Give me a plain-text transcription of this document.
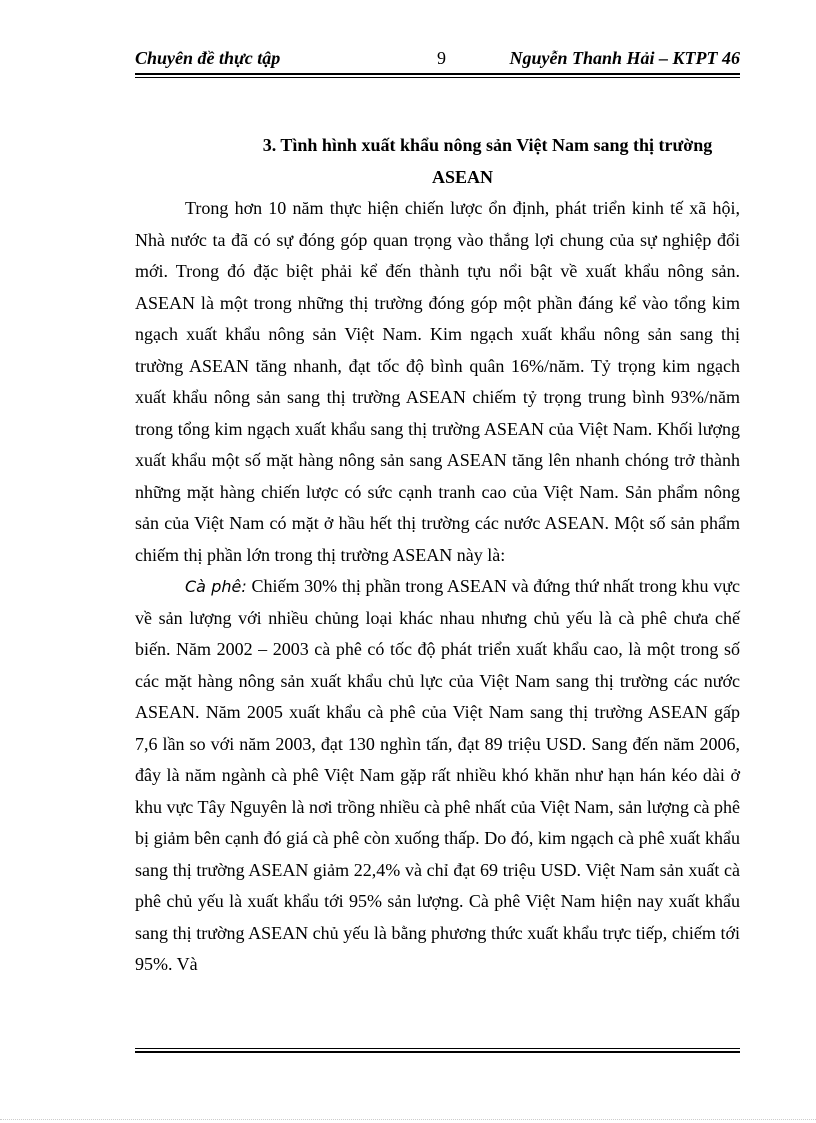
Chuyên đề thực tập	9	Nguyễn Thanh Hải – KTPT 46

3. Tình hình xuất khẩu nông sản Việt Nam sang thị trường ASEAN

Trong hơn 10 năm thực hiện chiến lược ổn định, phát triển kinh tế xã hội, Nhà nước ta đã có sự đóng góp quan trọng vào thắng lợi chung của sự nghiệp đổi mới. Trong đó đặc biệt phải kể đến thành tựu nổi bật về xuất khẩu nông sản. ASEAN là một trong những thị trường đóng góp một phần đáng kể vào tổng kim ngạch xuất khẩu nông sản Việt Nam. Kim ngạch xuất khẩu nông sản sang thị trường ASEAN tăng nhanh, đạt tốc độ bình quân 16%/năm. Tỷ trọng kim ngạch xuất khẩu nông sản sang thị trường ASEAN chiếm tỷ trọng trung bình 93%/năm trong tổng kim ngạch xuất khẩu sang thị trường ASEAN của Việt Nam. Khối lượng xuất khẩu một số mặt hàng nông sản sang ASEAN tăng lên nhanh chóng trở thành những mặt hàng chiến lược có sức cạnh tranh cao của Việt Nam. Sản phẩm nông sản của Việt Nam có mặt ở hầu hết thị trường các nước ASEAN. Một số sản phẩm chiếm thị phần lớn trong thị trường ASEAN này là:

Cà phê: Chiếm 30% thị phần trong ASEAN và đứng thứ nhất trong khu vực về sản lượng với nhiều chủng loại khác nhau nhưng chủ yếu là cà phê chưa chế biến. Năm 2002 – 2003 cà phê có tốc độ phát triển xuất khẩu cao, là một trong số các mặt hàng nông sản xuất khẩu chủ lực của Việt Nam sang thị trường các nước ASEAN. Năm 2005 xuất khẩu cà phê của Việt Nam sang thị trường ASEAN gấp 7,6 lần so với năm 2003, đạt 130 nghìn tấn, đạt 89 triệu USD. Sang đến năm 2006, đây là năm ngành cà phê Việt Nam gặp rất nhiều khó khăn như hạn hán kéo dài ở khu vực Tây Nguyên là nơi trồng nhiều cà phê nhất của Việt Nam, sản lượng cà phê bị giảm bên cạnh đó giá cà phê còn xuống thấp. Do đó, kim ngạch cà phê xuất khẩu sang thị trường ASEAN giảm 22,4% và chỉ đạt 69 triệu USD. Việt Nam sản xuất cà phê chủ yếu là xuất khẩu tới 95% sản lượng. Cà phê Việt Nam hiện nay xuất khẩu sang thị trường ASEAN chủ yếu là bằng phương thức xuất khẩu trực tiếp, chiếm tới 95%. Và
